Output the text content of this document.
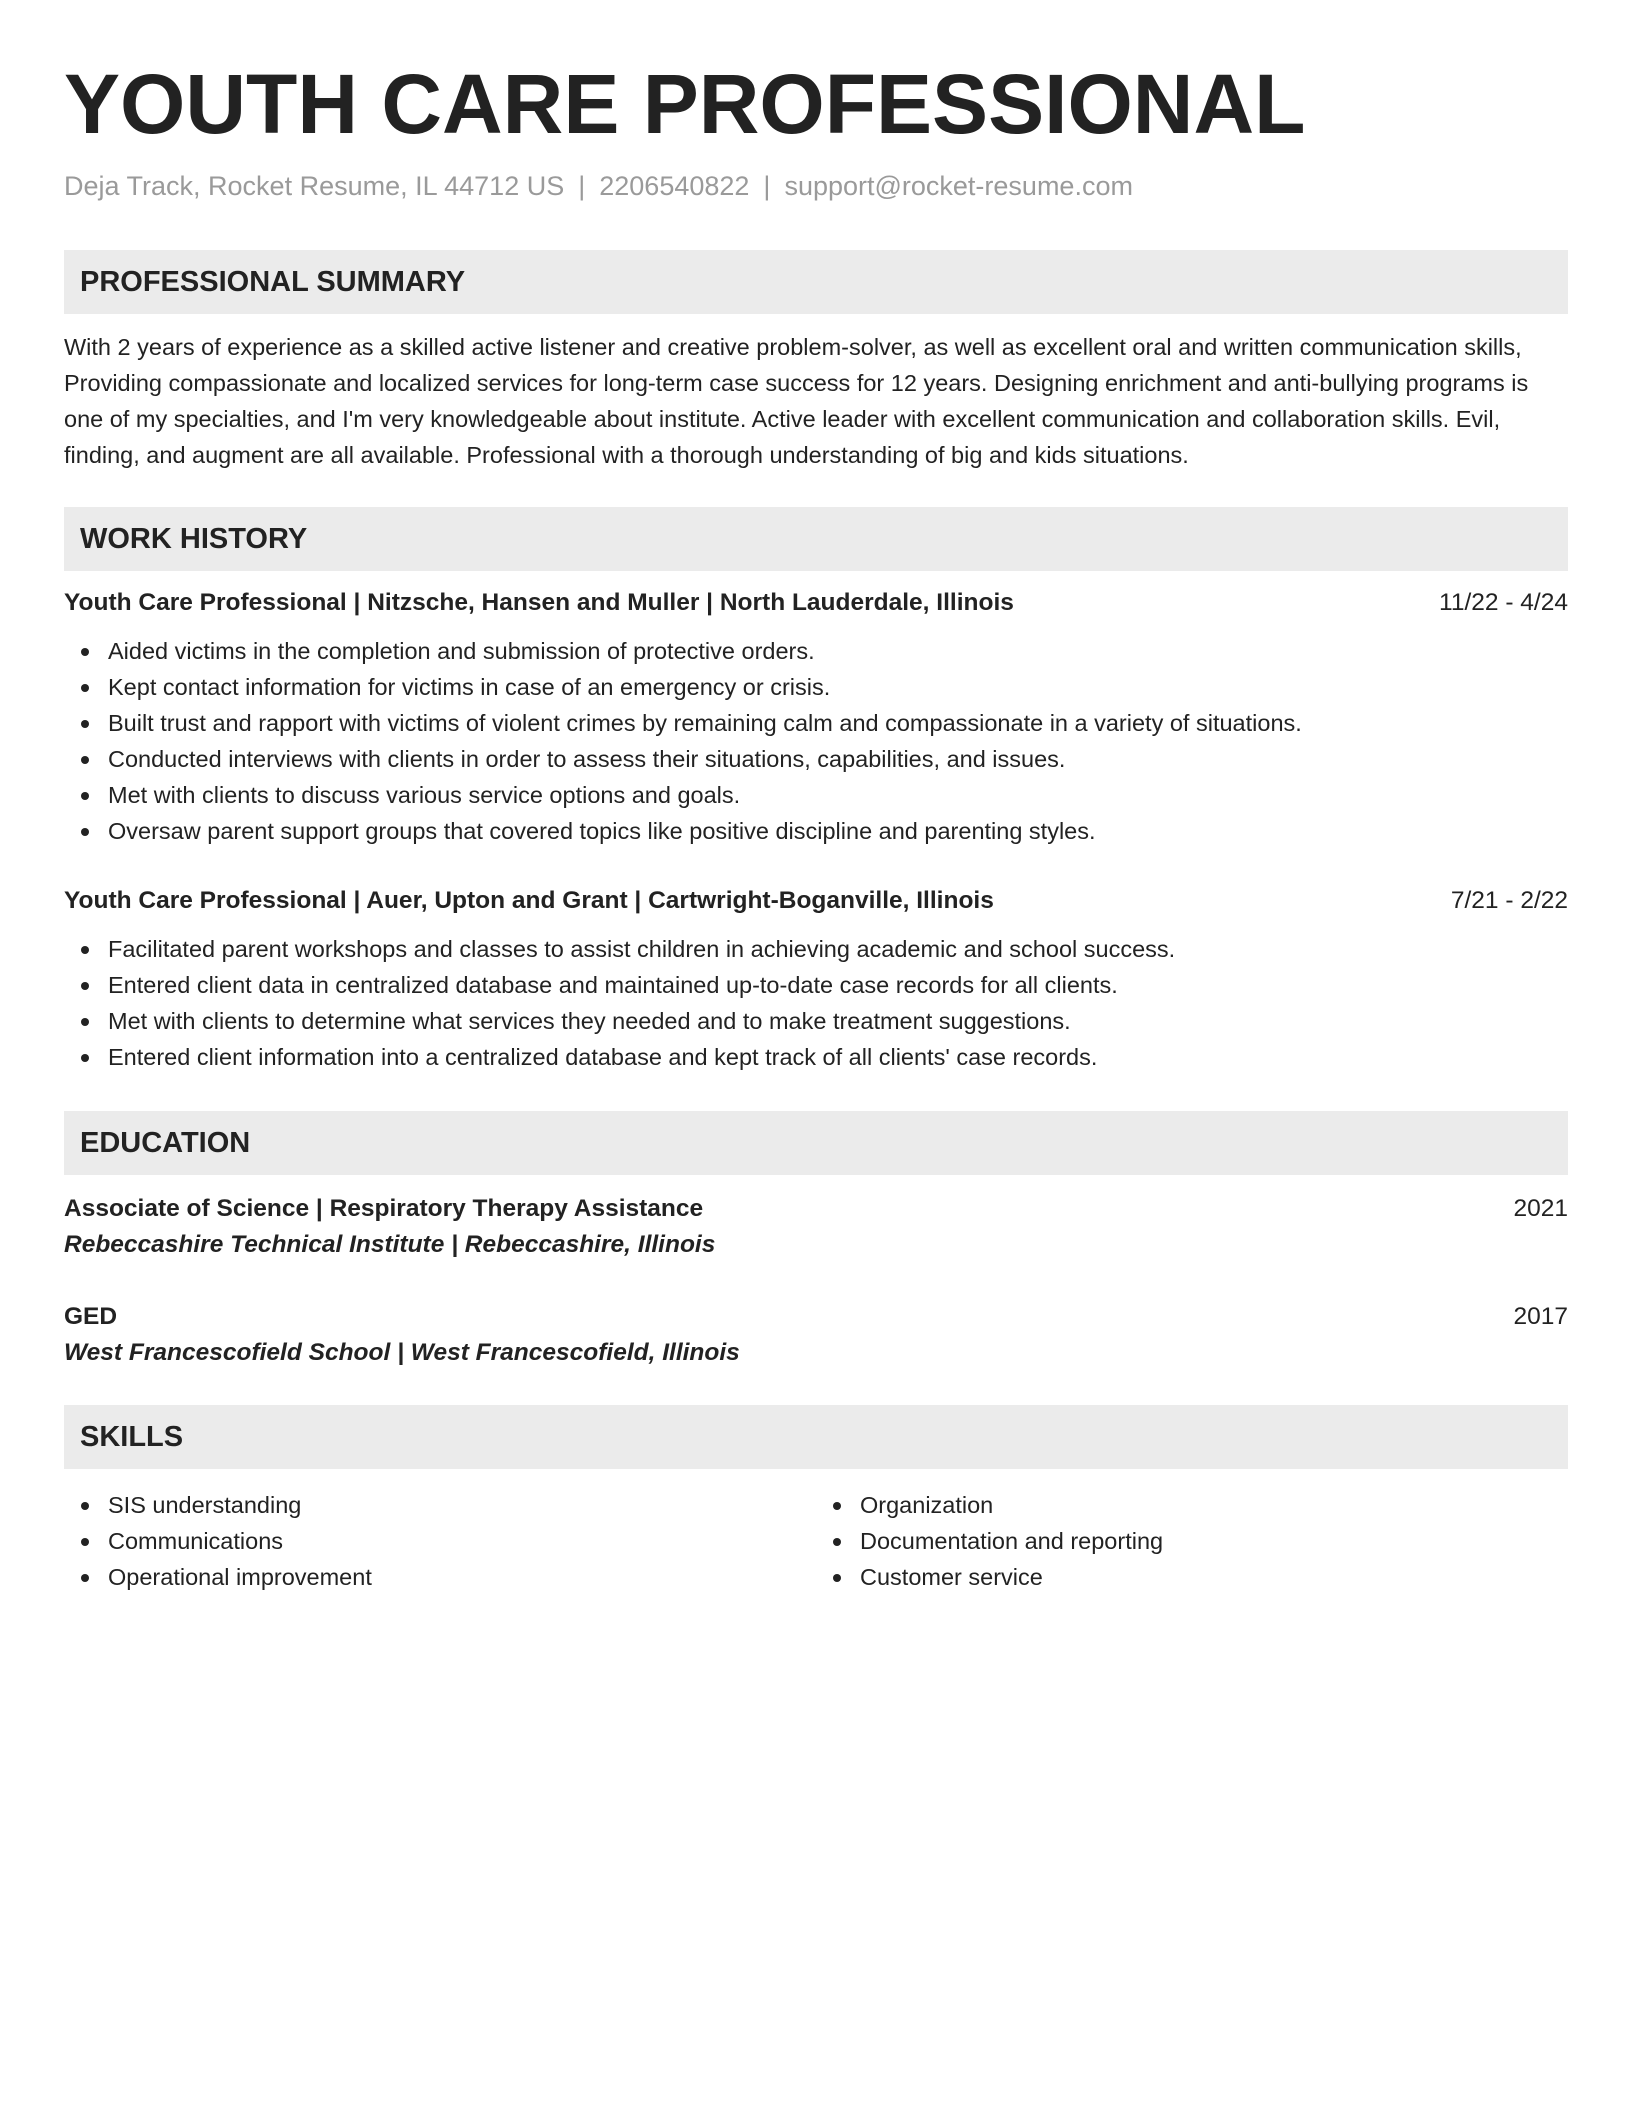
YOUTH CARE PROFESSIONAL
Deja Track, Rocket Resume, IL 44712 US | 2206540822 | support@rocket-resume.com
PROFESSIONAL SUMMARY
With 2 years of experience as a skilled active listener and creative problem-solver, as well as excellent oral and written communication skills, Providing compassionate and localized services for long-term case success for 12 years. Designing enrichment and anti-bullying programs is one of my specialties, and I'm very knowledgeable about institute. Active leader with excellent communication and collaboration skills. Evil, finding, and augment are all available. Professional with a thorough understanding of big and kids situations.
WORK HISTORY
Youth Care Professional | Nitzsche, Hansen and Muller | North Lauderdale, Illinois	11/22 - 4/24
Aided victims in the completion and submission of protective orders.
Kept contact information for victims in case of an emergency or crisis.
Built trust and rapport with victims of violent crimes by remaining calm and compassionate in a variety of situations.
Conducted interviews with clients in order to assess their situations, capabilities, and issues.
Met with clients to discuss various service options and goals.
Oversaw parent support groups that covered topics like positive discipline and parenting styles.
Youth Care Professional | Auer, Upton and Grant | Cartwright-Boganville, Illinois	7/21 - 2/22
Facilitated parent workshops and classes to assist children in achieving academic and school success.
Entered client data in centralized database and maintained up-to-date case records for all clients.
Met with clients to determine what services they needed and to make treatment suggestions.
Entered client information into a centralized database and kept track of all clients' case records.
EDUCATION
Associate of Science | Respiratory Therapy Assistance	2021
Rebeccashire Technical Institute | Rebeccashire, Illinois
GED	2017
West Francescofield School | West Francescofield, Illinois
SKILLS
SIS understanding
Communications
Operational improvement
Organization
Documentation and reporting
Customer service
